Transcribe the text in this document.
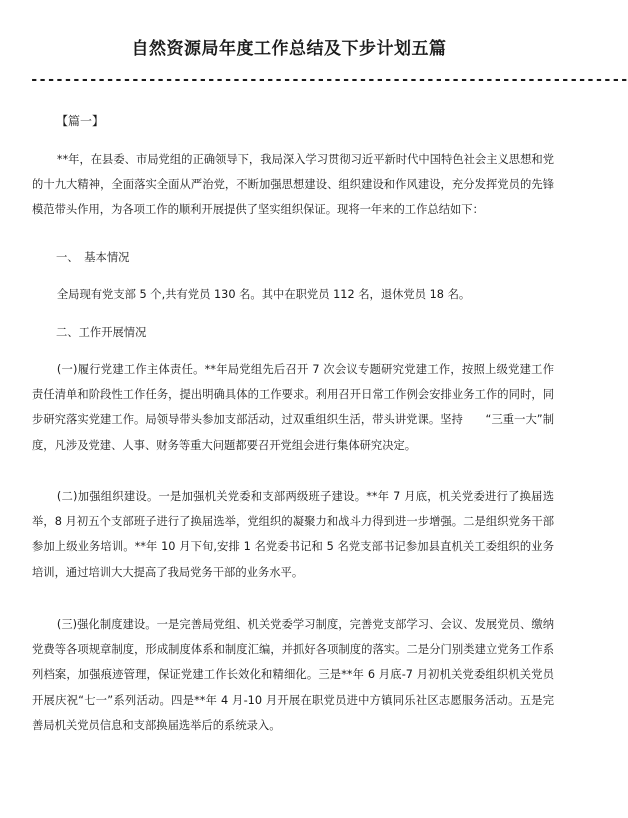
自然资源局年度工作总结及下步计划五篇
-----------------------------------------------------------------------
【篇一】
**年，在县委、市局党组的正确领导下，我局深入学习贯彻习近平新时代中国特色社会主义思想和党的十九大精神，全面落实全面从严治党，不断加强思想建设、组织建设和作风建设，充分发挥党员的先锋模范带头作用，为各项工作的顺利开展提供了坚实组织保证。现将一年来的工作总结如下：
一、　基本情况
全局现有党支部 5 个,共有党员 130 名。其中在职党员 112 名，退休党员 18 名。
二、工作开展情况
(一)履行党建工作主体责任。**年局党组先后召开 7 次会议专题研究党建工作，按照上级党建工作责任清单和阶段性工作任务，提出明确具体的工作要求。利用召开日常工作例会安排业务工作的同时，同步研究落实党建工作。局领导带头参加支部活动，过双重组织生活，带头讲党课。坚持　　“三重一大”制度，凡涉及党建、人事、财务等重大问题都要召开党组会进行集体研究决定。
(二)加强组织建设。一是加强机关党委和支部两级班子建设。**年 7 月底，机关党委进行了换届选举，8 月初五个支部班子进行了换届选举，党组织的凝聚力和战斗力得到进一步增强。二是组织党务干部参加上级业务培训。**年 10 月下旬,安排 1 名党委书记和 5 名党支部书记参加县直机关工委组织的业务培训，通过培训大大提高了我局党务干部的业务水平。
(三)强化制度建设。一是完善局党组、机关党委学习制度，完善党支部学习、会议、发展党员、缴纳党费等各项规章制度，形成制度体系和制度汇编，并抓好各项制度的落实。二是分门别类建立党务工作系列档案，加强痕迹管理，保证党建工作长效化和精细化。三是**年 6 月底-7 月初机关党委组织机关党员开展庆祝“七一”系列活动。四是**年 4 月-10 月开展在职党员进中方镇同乐社区志愿服务活动。五是完善局机关党员信息和支部换届选举后的系统录入。
